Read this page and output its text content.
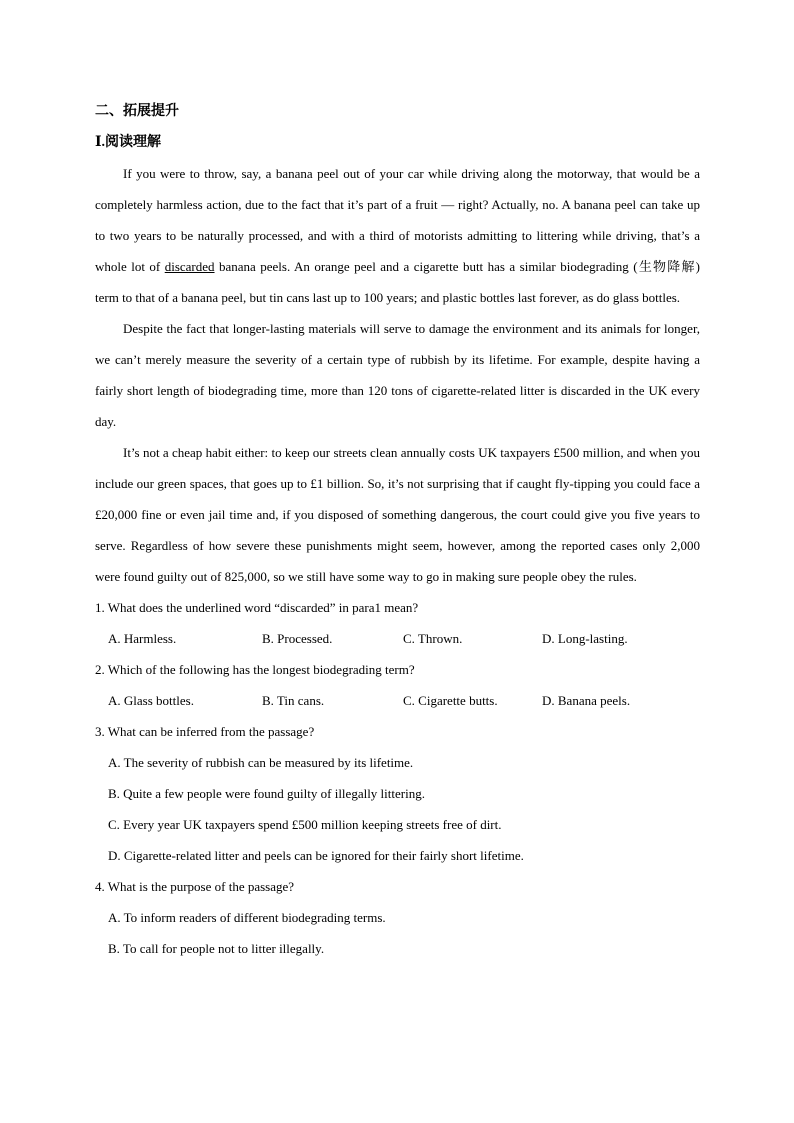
二、拓展提升
Ⅰ.阅读理解
If you were to throw, say, a banana peel out of your car while driving along the motorway, that would be a completely harmless action, due to the fact that it’s part of a fruit — right? Actually, no. A banana peel can take up to two years to be naturally processed, and with a third of motorists admitting to littering while driving, that’s a whole lot of discarded banana peels. An orange peel and a cigarette butt has a similar biodegrading (生物降解) term to that of a banana peel, but tin cans last up to 100 years; and plastic bottles last forever, as do glass bottles.
Despite the fact that longer-lasting materials will serve to damage the environment and its animals for longer, we can’t merely measure the severity of a certain type of rubbish by its lifetime. For example, despite having a fairly short length of biodegrading time, more than 120 tons of cigarette-related litter is discarded in the UK every day.
It’s not a cheap habit either: to keep our streets clean annually costs UK taxpayers £500 million, and when you include our green spaces, that goes up to £1 billion. So, it’s not surprising that if caught fly-tipping you could face a £20,000 fine or even jail time and, if you disposed of something dangerous, the court could give you five years to serve. Regardless of how severe these punishments might seem, however, among the reported cases only 2,000 were found guilty out of 825,000, so we still have some way to go in making sure people obey the rules.
1. What does the underlined word “discarded” in para1 mean?
A. Harmless.	B. Processed.	C. Thrown.	D. Long-lasting.
2. Which of the following has the longest biodegrading term?
A. Glass bottles.	B. Tin cans.	C. Cigarette butts.	D. Banana peels.
3. What can be inferred from the passage?
A. The severity of rubbish can be measured by its lifetime.
B. Quite a few people were found guilty of illegally littering.
C. Every year UK taxpayers spend £500 million keeping streets free of dirt.
D. Cigarette-related litter and peels can be ignored for their fairly short lifetime.
4. What is the purpose of the passage?
A. To inform readers of different biodegrading terms.
B. To call for people not to litter illegally.
